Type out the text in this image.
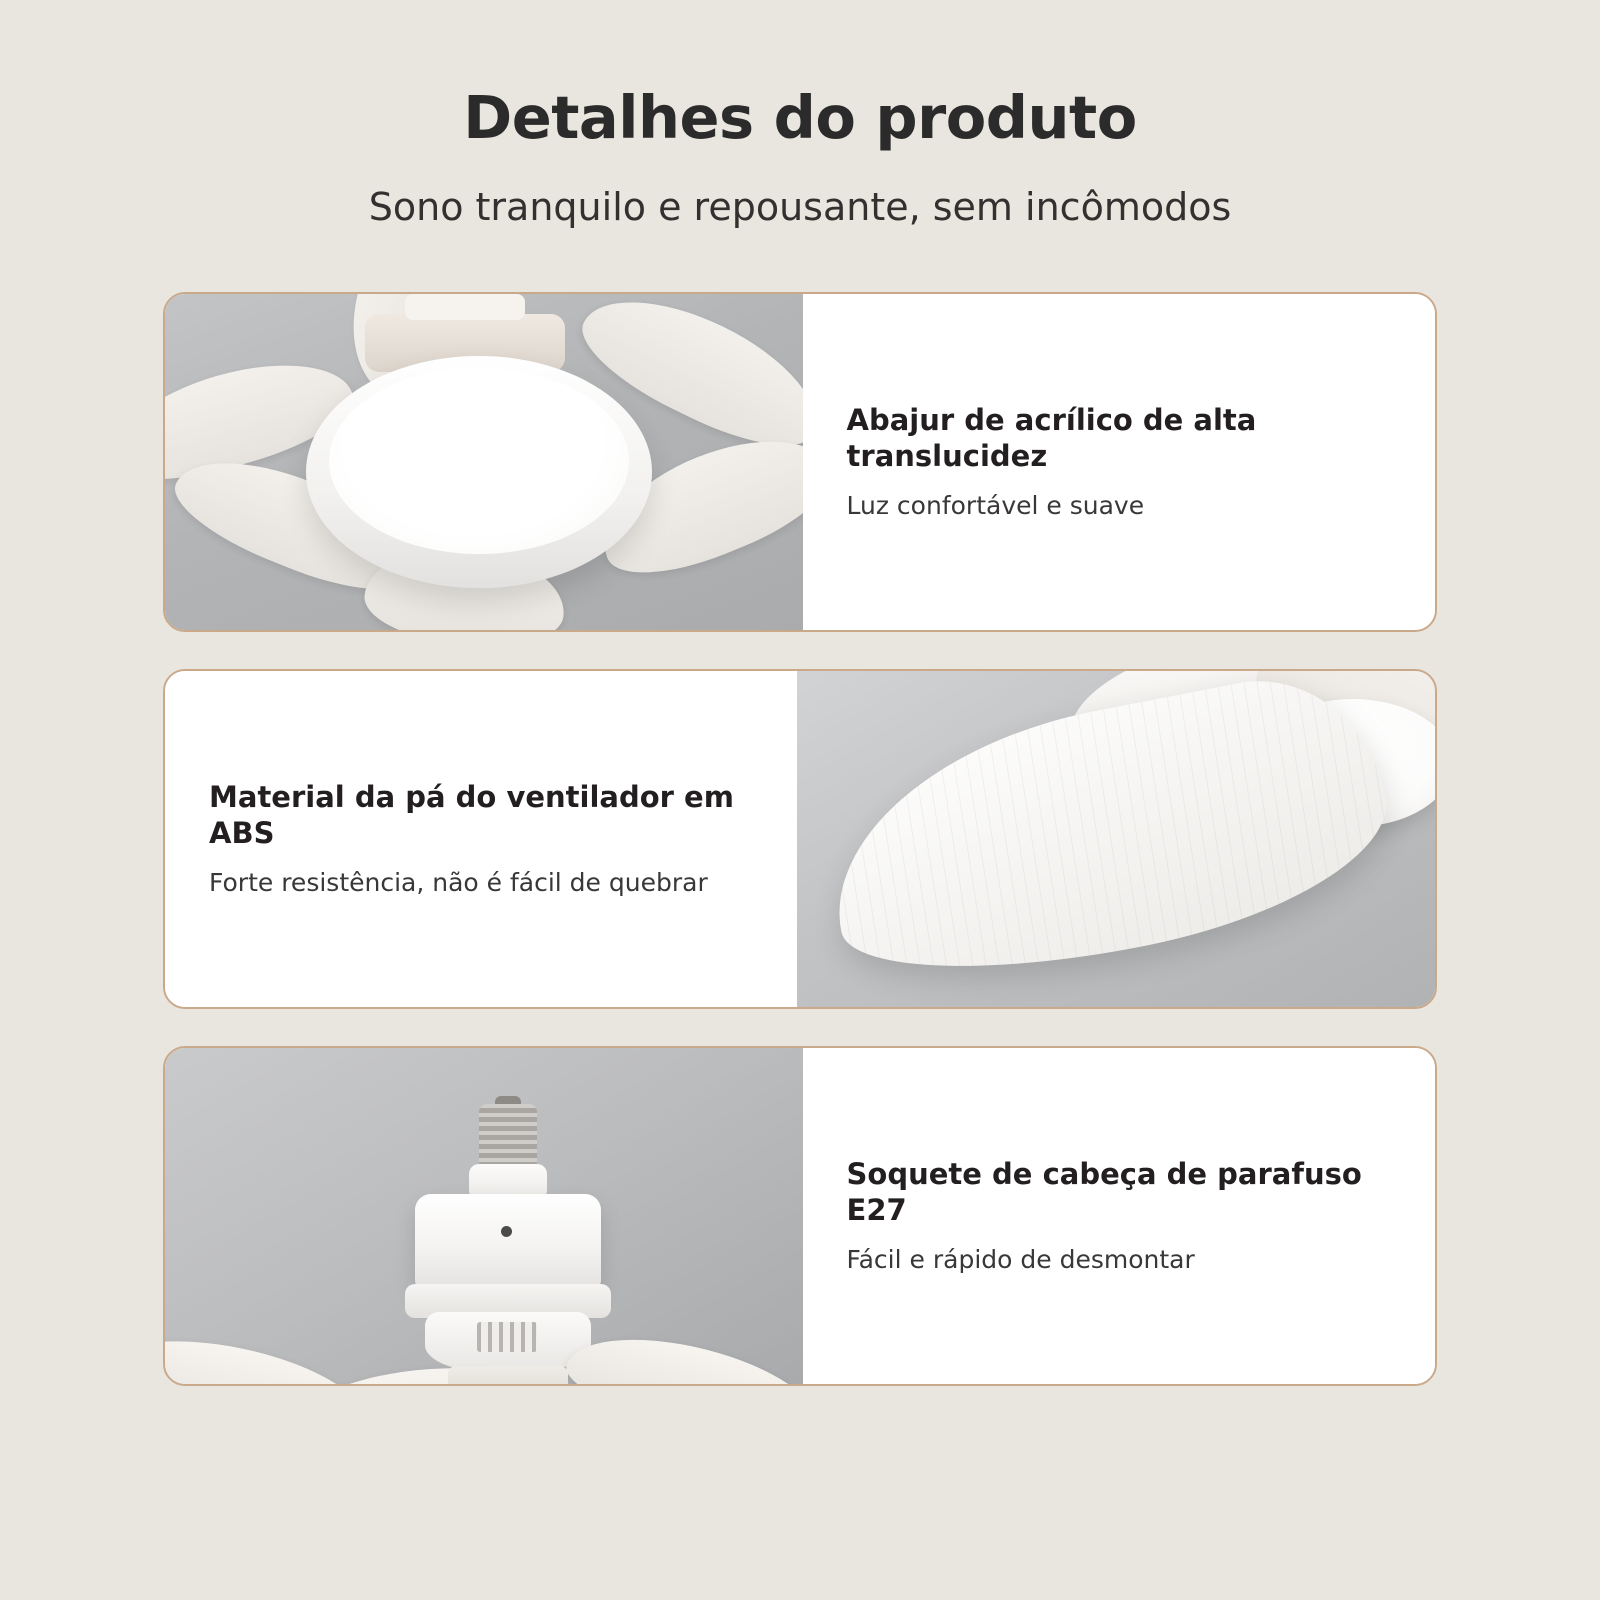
Detalhes do produto

Sono tranquilo e repousante, sem incômodos

Abajur de acrílico de alta translucidez

Luz confortável e suave

Material da pá do ventilador em ABS

Forte resistência, não é fácil de quebrar

Soquete de cabeça de parafuso E27

Fácil e rápido de desmontar
